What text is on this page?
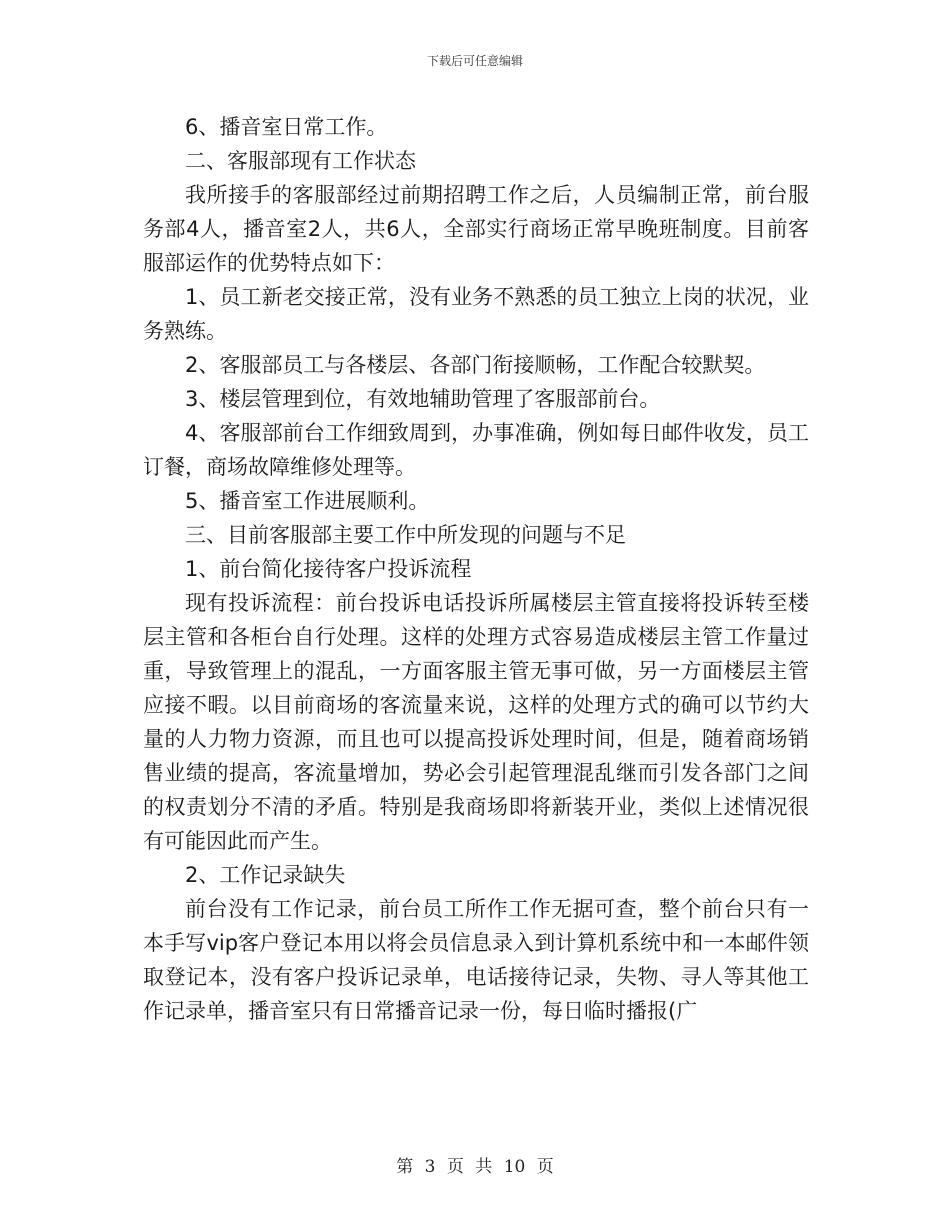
下载后可任意编辑

6、播音室日常工作。

二、客服部现有工作状态

我所接手的客服部经过前期招聘工作之后，人员编制正常，前台服务部4人，播音室2人，共6人，全部实行商场正常早晚班制度。目前客服部运作的优势特点如下：

1、员工新老交接正常，没有业务不熟悉的员工独立上岗的状况，业务熟练。

2、客服部员工与各楼层、各部门衔接顺畅，工作配合较默契。

3、楼层管理到位，有效地辅助管理了客服部前台。

4、客服部前台工作细致周到，办事准确，例如每日邮件收发，员工订餐，商场故障维修处理等。

5、播音室工作进展顺利。

三、目前客服部主要工作中所发现的问题与不足

1、前台简化接待客户投诉流程

现有投诉流程：前台投诉电话投诉所属楼层主管直接将投诉转至楼层主管和各柜台自行处理。这样的处理方式容易造成楼层主管工作量过重，导致管理上的混乱，一方面客服主管无事可做，另一方面楼层主管应接不暇。以目前商场的客流量来说，这样的处理方式的确可以节约大量的人力物力资源，而且也可以提高投诉处理时间，但是，随着商场销售业绩的提高，客流量增加，势必会引起管理混乱继而引发各部门之间的权责划分不清的矛盾。特别是我商场即将新装开业，类似上述情况很有可能因此而产生。

2、工作记录缺失

前台没有工作记录，前台员工所作工作无据可查，整个前台只有一本手写vip客户登记本用以将会员信息录入到计算机系统中和一本邮件领取登记本，没有客户投诉记录单，电话接待记录，失物、寻人等其他工作记录单，播音室只有日常播音记录一份，每日临时播报(广

第 3 页 共 10 页
